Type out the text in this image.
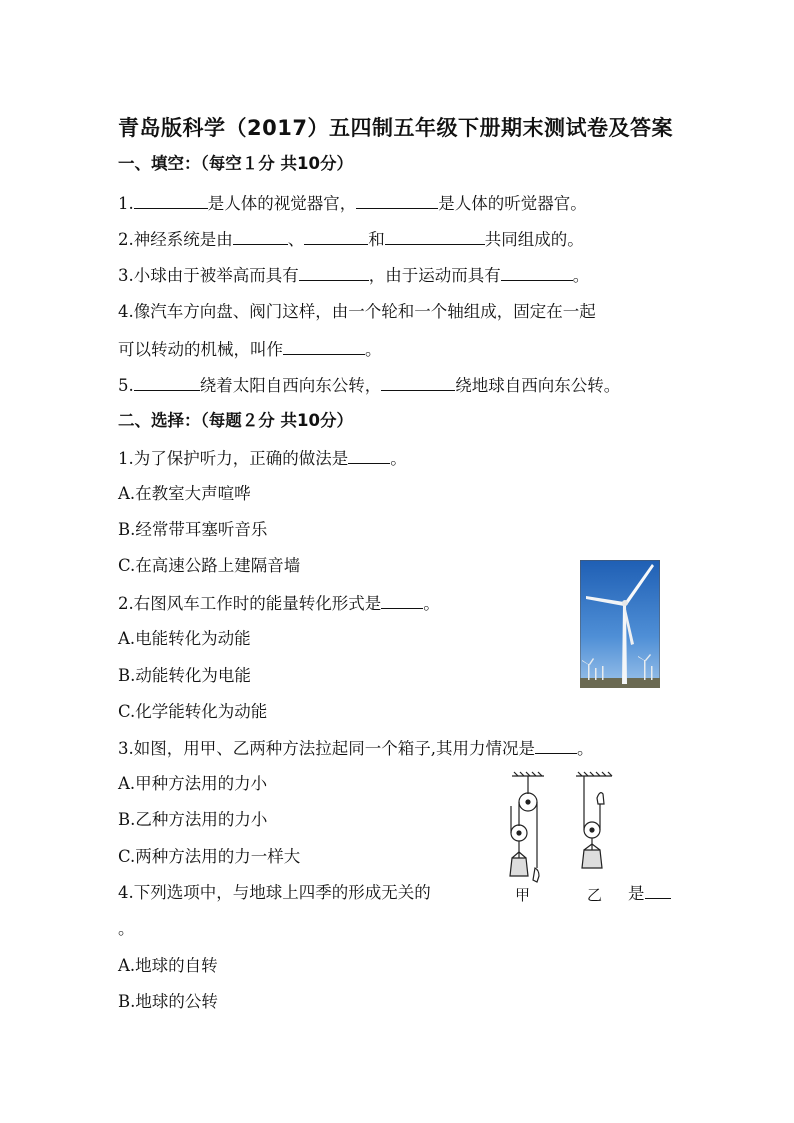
青岛版科学（2017）五四制五年级下册期末测试卷及答案
一、填空：（每空１分 共10分）
1.	是人体的视觉器官，	是人体的听觉器官。
2.神经系统是由	、	和	共同组成的。
3.小球由于被举高而具有	，由于运动而具有	。
4.像汽车方向盘、阀门这样，由一个轮和一个轴组成，固定在一起
可以转动的机械，叫作	。
5.	绕着太阳自西向东公转，	绕地球自西向东公转。
二、选择：（每题２分 共10分）
1.为了保护听力，正确的做法是	。
A.在教室大声喧哗
B.经常带耳塞听音乐
C.在高速公路上建隔音墙
2.右图风车工作时的能量转化形式是	。
A.电能转化为动能
B.动能转化为电能
C.化学能转化为动能
3.如图，用甲、乙两种方法拉起同一个箱子,其用力情况是	。
A.甲种方法用的力小
B.乙种方法用的力小
C.两种方法用的力一样大
甲	乙
4.下列选项中，与地球上四季的形成无关的	是
。
A.地球的自转
B.地球的公转
